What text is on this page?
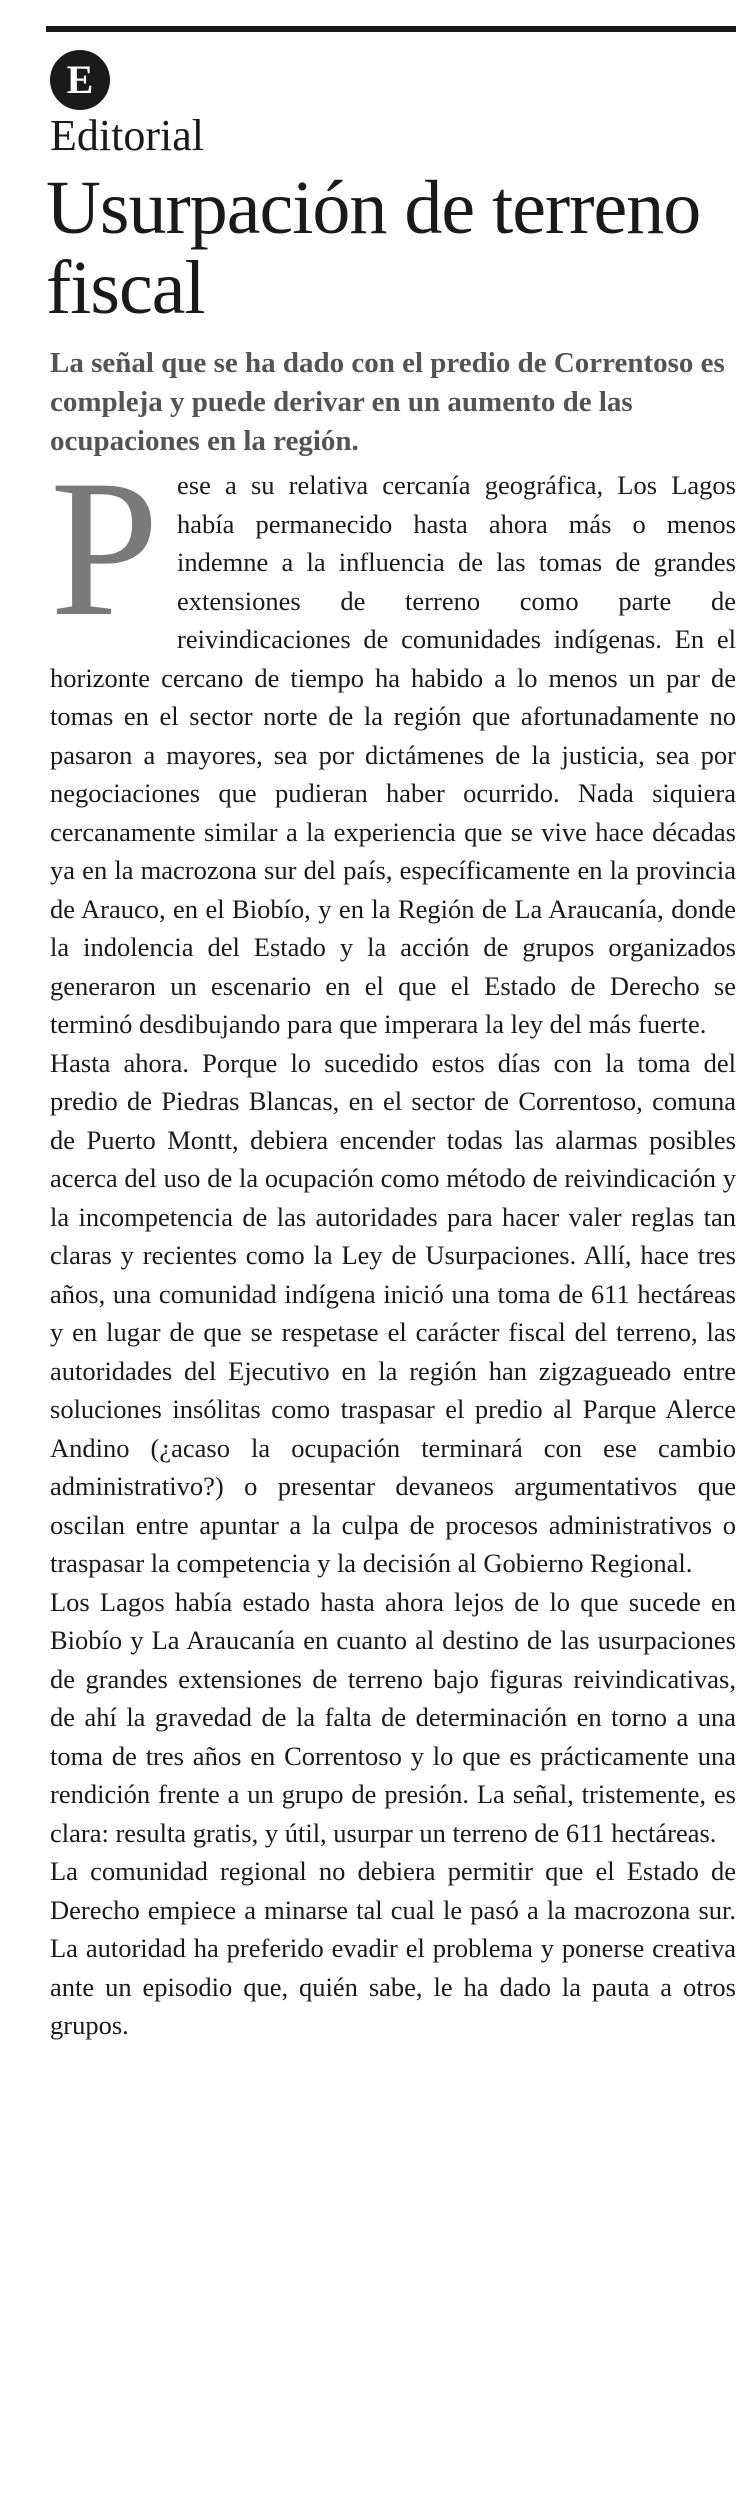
E
Editorial
Usurpación de terreno fiscal

La señal que se ha dado con el predio de Correntoso es compleja y puede derivar en un aumento de las ocupaciones en la región.

Pese a su relativa cercanía geográfica, Los Lagos había permanecido hasta ahora más o menos indemne a la influencia de las tomas de grandes extensiones de terreno como parte de reivindicaciones de comunidades indígenas. En el horizonte cercano de tiempo ha habido a lo menos un par de tomas en el sector norte de la región que afortunadamente no pasaron a mayores, sea por dictámenes de la justicia, sea por negociaciones que pudieran haber ocurrido. Nada siquiera cercanamente similar a la experiencia que se vive hace décadas ya en la macrozona sur del país, específicamente en la provincia de Arauco, en el Biobío, y en la Región de La Araucanía, donde la indolencia del Estado y la acción de grupos organizados generaron un escenario en el que el Estado de Derecho se terminó desdibujando para que imperara la ley del más fuerte.

Hasta ahora. Porque lo sucedido estos días con la toma del predio de Piedras Blancas, en el sector de Correntoso, comuna de Puerto Montt, debiera encender todas las alarmas posibles acerca del uso de la ocupación como método de reivindicación y la incompetencia de las autoridades para hacer valer reglas tan claras y recientes como la Ley de Usurpaciones. Allí, hace tres años, una comunidad indígena inició una toma de 611 hectáreas y en lugar de que se respetase el carácter fiscal del terreno, las autoridades del Ejecutivo en la región han zigzagueado entre soluciones insólitas como traspasar el predio al Parque Alerce Andino (¿acaso la ocupación terminará con ese cambio administrativo?) o presentar devaneos argumentativos que oscilan entre apuntar a la culpa de procesos administrativos o traspasar la competencia y la decisión al Gobierno Regional.

Los Lagos había estado hasta ahora lejos de lo que sucede en Biobío y La Araucanía en cuanto al destino de las usurpaciones de grandes extensiones de terreno bajo figuras reivindicativas, de ahí la gravedad de la falta de determinación en torno a una toma de tres años en Correntoso y lo que es prácticamente una rendición frente a un grupo de presión. La señal, tristemente, es clara: resulta gratis, y útil, usurpar un terreno de 611 hectáreas.

La comunidad regional no debiera permitir que el Estado de Derecho empiece a minarse tal cual le pasó a la macrozona sur. La autoridad ha preferido evadir el problema y ponerse creativa ante un episodio que, quién sabe, le ha dado la pauta a otros grupos.
